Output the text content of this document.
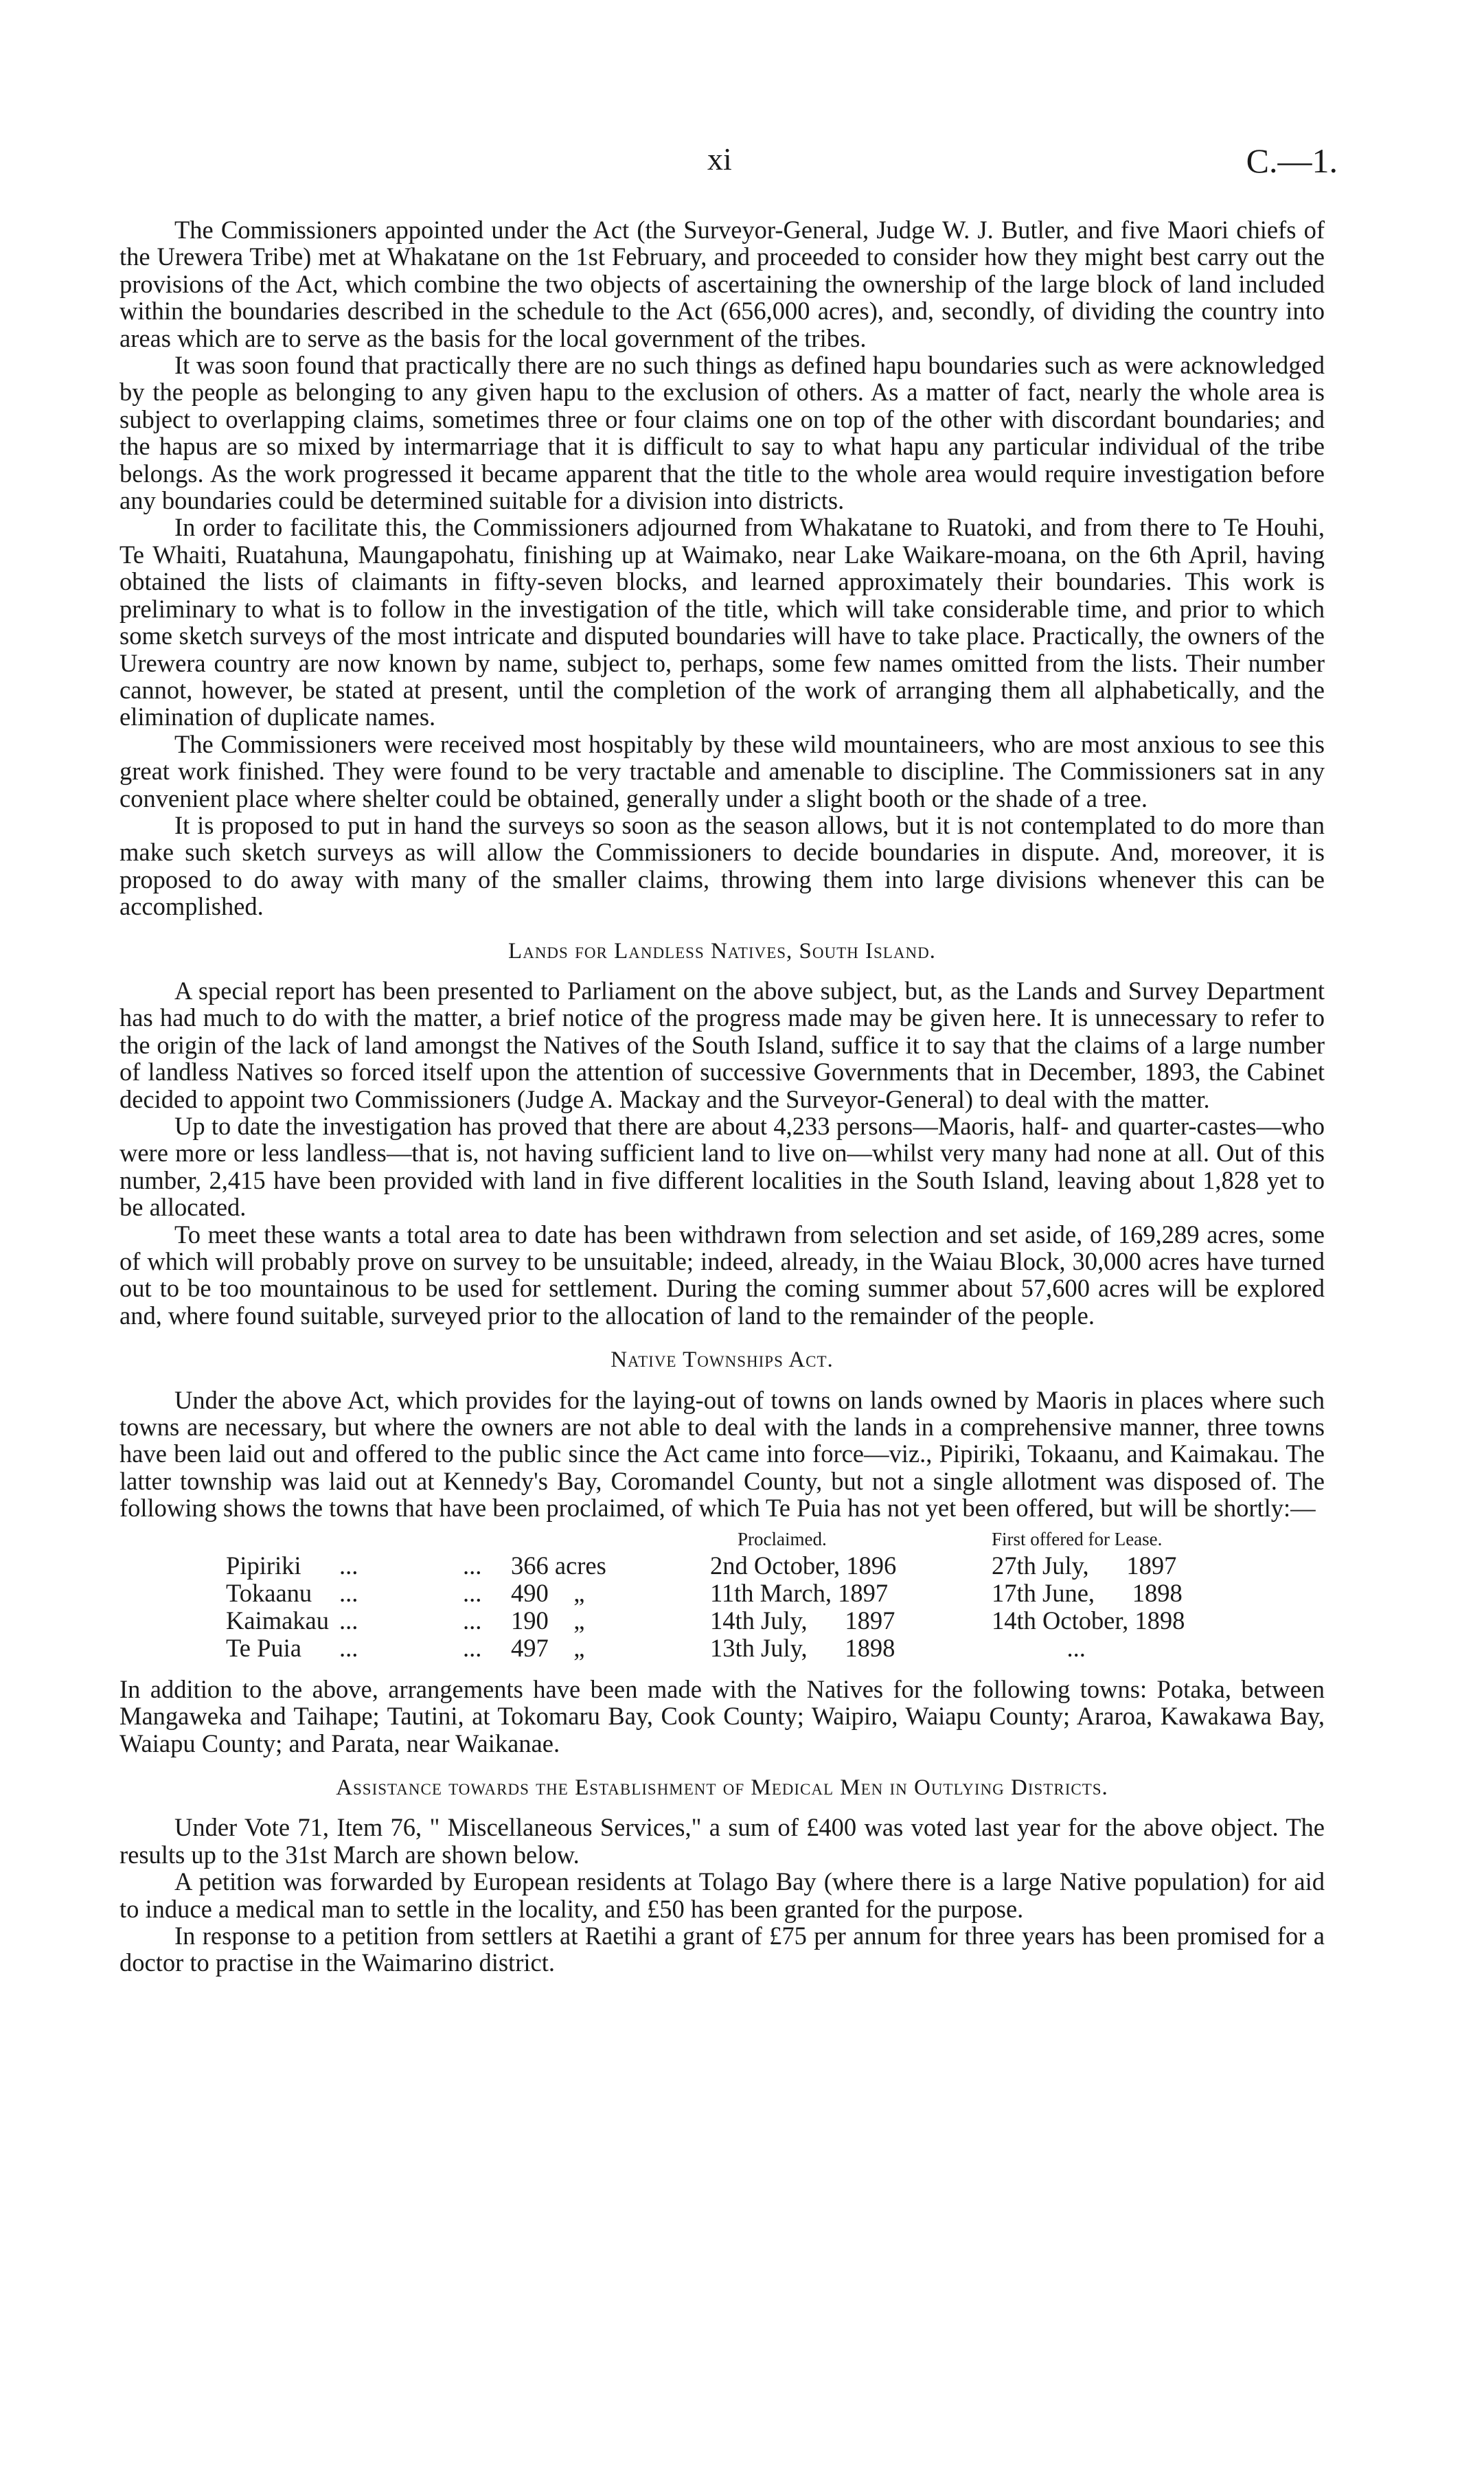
xi	C.—1.

The Commissioners appointed under the Act (the Surveyor-General, Judge W. J. Butler, and five Maori chiefs of the Urewera Tribe) met at Whakatane on the 1st February, and proceeded to consider how they might best carry out the provisions of the Act, which combine the two objects of ascertaining the ownership of the large block of land included within the boundaries described in the schedule to the Act (656,000 acres), and, secondly, of dividing the country into areas which are to serve as the basis for the local government of the tribes.

It was soon found that practically there are no such things as defined hapu boundaries such as were acknowledged by the people as belonging to any given hapu to the exclusion of others. As a matter of fact, nearly the whole area is subject to overlapping claims, sometimes three or four claims one on top of the other with discordant boundaries; and the hapus are so mixed by intermarriage that it is difficult to say to what hapu any particular individual of the tribe belongs. As the work progressed it became apparent that the title to the whole area would require investigation before any boundaries could be determined suitable for a division into districts.

In order to facilitate this, the Commissioners adjourned from Whakatane to Ruatoki, and from there to Te Houhi, Te Whaiti, Ruatahuna, Maungapohatu, finishing up at Waimako, near Lake Waikare-moana, on the 6th April, having obtained the lists of claimants in fifty-seven blocks, and learned approximately their boundaries. This work is preliminary to what is to follow in the investigation of the title, which will take considerable time, and prior to which some sketch surveys of the most intricate and disputed boundaries will have to take place. Practically, the owners of the Urewera country are now known by name, subject to, perhaps, some few names omitted from the lists. Their number cannot, however, be stated at present, until the completion of the work of arranging them all alphabetically, and the elimination of duplicate names.

The Commissioners were received most hospitably by these wild mountaineers, who are most anxious to see this great work finished. They were found to be very tractable and amenable to discipline. The Commissioners sat in any convenient place where shelter could be obtained, generally under a slight booth or the shade of a tree.

It is proposed to put in hand the surveys so soon as the season allows, but it is not contemplated to do more than make such sketch surveys as will allow the Commissioners to decide boundaries in dispute. And, moreover, it is proposed to do away with many of the smaller claims, throwing them into large divisions whenever this can be accomplished.

Lands for Landless Natives, South Island.

A special report has been presented to Parliament on the above subject, but, as the Lands and Survey Department has had much to do with the matter, a brief notice of the progress made may be given here. It is unnecessary to refer to the origin of the lack of land amongst the Natives of the South Island, suffice it to say that the claims of a large number of landless Natives so forced itself upon the attention of successive Governments that in December, 1893, the Cabinet decided to appoint two Commissioners (Judge A. Mackay and the Surveyor-General) to deal with the matter.

Up to date the investigation has proved that there are about 4,233 persons—Maoris, half- and quarter-castes—who were more or less landless—that is, not having sufficient land to live on—whilst very many had none at all. Out of this number, 2,415 have been provided with land in five different localities in the South Island, leaving about 1,828 yet to be allocated.

To meet these wants a total area to date has been withdrawn from selection and set aside, of 169,289 acres, some of which will probably prove on survey to be unsuitable; indeed, already, in the Waiau Block, 30,000 acres have turned out to be too mountainous to be used for settlement. During the coming summer about 57,600 acres will be explored and, where found suitable, surveyed prior to the allocation of land to the remainder of the people.

Native Townships Act.

Under the above Act, which provides for the laying-out of towns on lands owned by Maoris in places where such towns are necessary, but where the owners are not able to deal with the lands in a comprehensive manner, three towns have been laid out and offered to the public since the Act came into force—viz., Pipiriki, Tokaanu, and Kaimakau. The latter township was laid out at Kennedy's Bay, Coromandel County, but not a single allotment was disposed of. The following shows the towns that have been proclaimed, of which Te Puia has not yet been offered, but will be shortly:—

Proclaimed.	First offered for Lease.
Pipiriki ...	... 366 acres	2nd October, 1896	27th July,      1897
Tokaanu ...	... 490    „	11th March, 1897	17th June,      1898
Kaimakau ...	... 190    „	14th July,      1897	14th October, 1898
Te Puia ...	... 497    „	13th July,      1898	...

In addition to the above, arrangements have been made with the Natives for the following towns: Potaka, between Mangaweka and Taihape; Tautini, at Tokomaru Bay, Cook County; Waipiro, Waiapu County; Araroa, Kawakawa Bay, Waiapu County; and Parata, near Waikanae.

Assistance towards the Establishment of Medical Men in Outlying Districts.

Under Vote 71, Item 76, " Miscellaneous Services," a sum of £400 was voted last year for the above object. The results up to the 31st March are shown below.

A petition was forwarded by European residents at Tolago Bay (where there is a large Native population) for aid to induce a medical man to settle in the locality, and £50 has been granted for the purpose.

In response to a petition from settlers at Raetihi a grant of £75 per annum for three years has been promised for a doctor to practise in the Waimarino district.
